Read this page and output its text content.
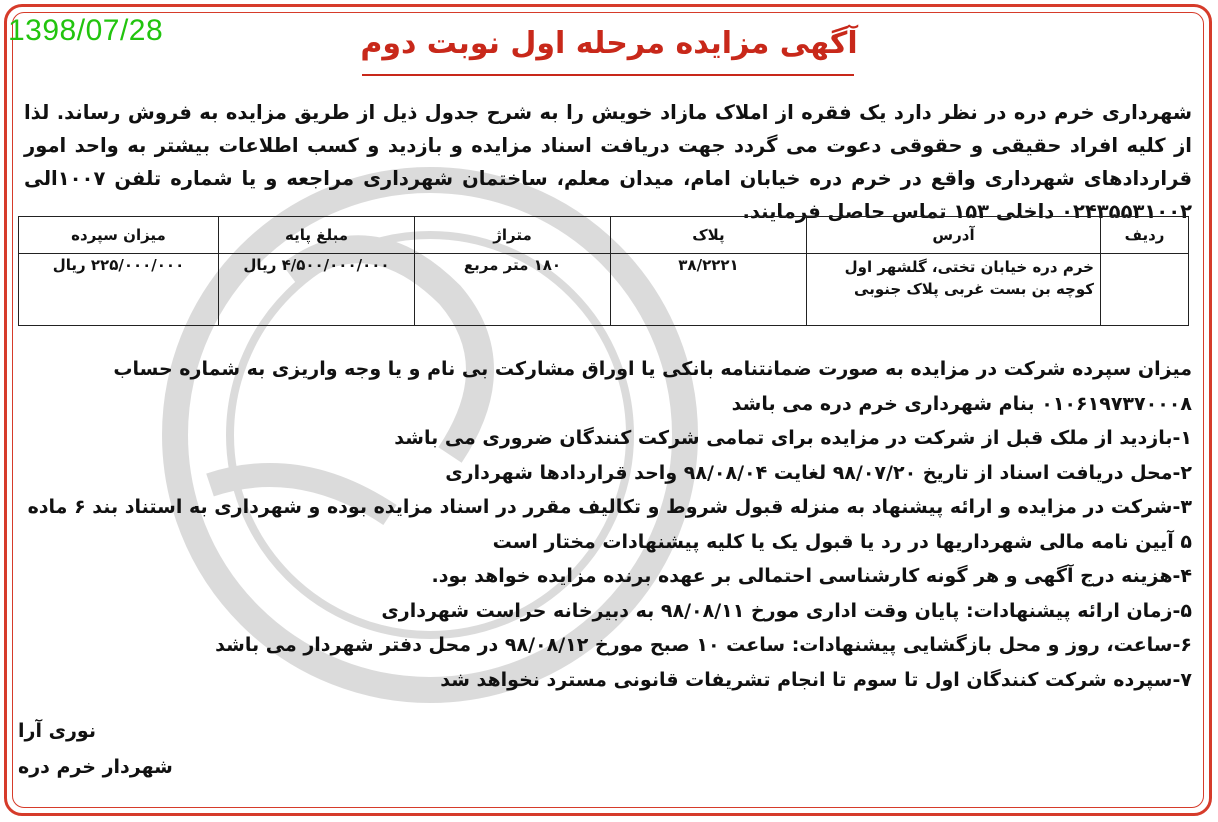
1398/07/28	آگهی مزایده مرحله اول نوبت دوم
شهرداری خرم دره در نظر دارد یک فقره از املاک مازاد خویش را به شرح جدول ذیل از طریق مزایده به فروش رساند. لذا از کلیه افراد حقیقی و حقوقی دعوت می گردد جهت دریافت اسناد مزایده و بازدید و کسب اطلاعات بیشتر به واحد امور قراردادهای شهرداری واقع در خرم دره خیابان امام، میدان معلم، ساختمان شهرداری مراجعه و یا شماره تلفن ۱۰۰۷الی ۰۲۴۳۵۵۳۱۰۰۲ داخلی ۱۵۳ تماس حاصل فرمایند.
ردیف	آدرس	پلاک	متراژ	مبلغ پایه	میزان سپرده
	خرم دره خیابان تختی، گلشهر اول کوچه بن بست غربی پلاک جنوبی	۳۸/۲۲۲۱	۱۸۰ متر مربع	۴/۵۰۰/۰۰۰/۰۰۰ ریال	۲۲۵/۰۰۰/۰۰۰ ریال

میزان سپرده شرکت در مزایده به صورت ضمانتنامه بانکی یا اوراق مشارکت بی نام و یا وجه واریزی به شماره حساب ۰۱۰۶۱۹۷۳۷۰۰۰۸ بنام شهرداری خرم دره می باشد

۱-بازدید از ملک قبل از شرکت در مزایده برای تمامی شرکت کنندگان ضروری می باشد

۲-محل دریافت اسناد از تاریخ ۹۸/۰۷/۲۰ لغایت ۹۸/۰۸/۰۴ واحد قراردادها شهرداری

۳-شرکت در مزایده و ارائه پیشنهاد به منزله قبول شروط و تکالیف مقرر در اسناد مزایده بوده و شهرداری به استناد بند ۶ ماده ۵ آیین نامه مالی شهرداریها در رد یا قبول یک یا کلیه پیشنهادات مختار است

۴-هزینه درج آگهی و هر گونه کارشناسی احتمالی بر عهده برنده مزایده خواهد بود.

۵-زمان ارائه پیشنهادات: پایان وقت اداری مورخ ۹۸/۰۸/۱۱ به دبیرخانه حراست شهرداری

۶-ساعت، روز و محل بازگشایی پیشنهادات: ساعت ۱۰ صبح مورخ ۹۸/۰۸/۱۲ در محل دفتر شهردار می باشد

۷-سپرده شرکت کنندگان اول تا سوم تا انجام تشریفات قانونی مسترد نخواهد شد

نوری آرا
شهردار خرم دره
